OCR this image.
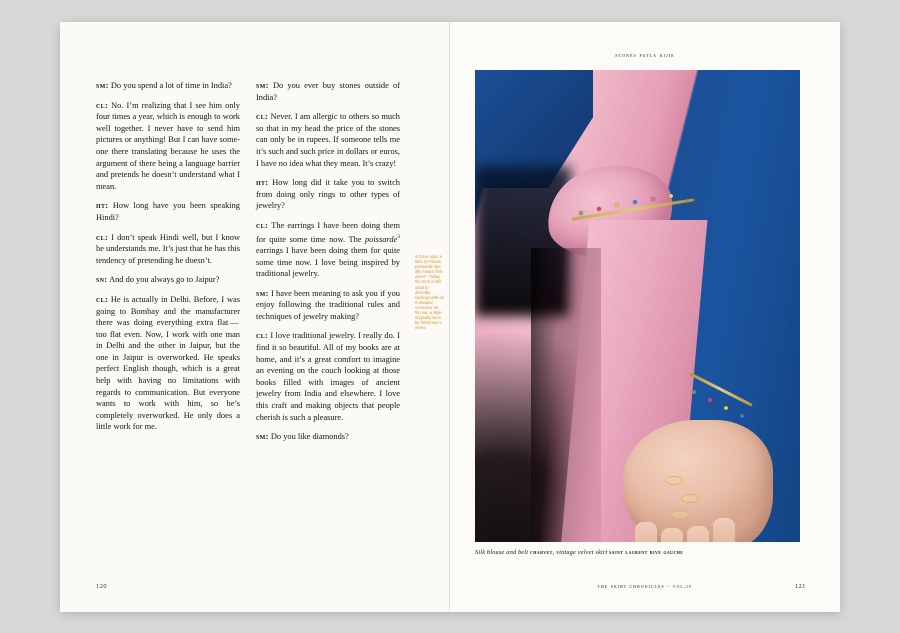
sm: Do you spend a lot of time in India?

cl: No. I’m realizing that I see him only four times a year, which is enough to work well together. I never have to send him pictures or anything! But I can have someone there translating because he uses the argument of there being a language barrier and pretends he doesn’t understand what I mean.

ht: How long have you been speaking Hindi?

cl: I don’t speak Hindi well, but I know he understands me. It’s just that he has this tendency of pretending he doesn’t.

sn: And do you always go to Jaipur?

cl: He is actually in Delhi. Before, I was going to Bombay and the manufacturer there was doing everything extra flat — too flat even. Now, I work with one man in Delhi and the other in Jaipur, but the one in Jaipur is overworked. He speaks perfect English though, which is a great help with having no limitations with regards to communication. But everyone wants to work with him, so he’s completely overworked. He only does a little work for me.

sm: Do you ever buy stones outside of India?

cl: Never. I am allergic to others so much so that in my head the price of the stones can only be in rupees. If someone tells me it’s such and such price in dollars or euros, I have no idea what they mean. It’s crazy!

ht: How long did it take you to switch from doing only rings to other types of jewelry?

cl: The earrings I have been doing them for quite some time now. The poissarde$^3$ earrings I have been doing them for quite some time now. I love being inspired by traditional jewelry.

sm: I have been meaning to ask you if you enjoy following the traditional rules and techniques of jewelry making?

cl: I love traditional jewelry. I really do. I find it so beautiful. All of my books are at home, and it’s a great comfort to imagine an evening on the couch looking at those books filled with images of ancient jewelry from India and elsewhere. I love this craft and making objects that people cherish is such a pleasure.

sm: Do you like diamonds?

3 Once upon a time in France, poissarde literally meant “fish wives”. Today, the term is still used to describe earrings with an S-shaped crossover on the ear, a style originally worn by fisherman’s wives.
120
stones patla kijie
Silk blouse and belt charvet, vintage velvet skirt saint laurent rive gauche
the skirt chronicles · vol.iv	121
